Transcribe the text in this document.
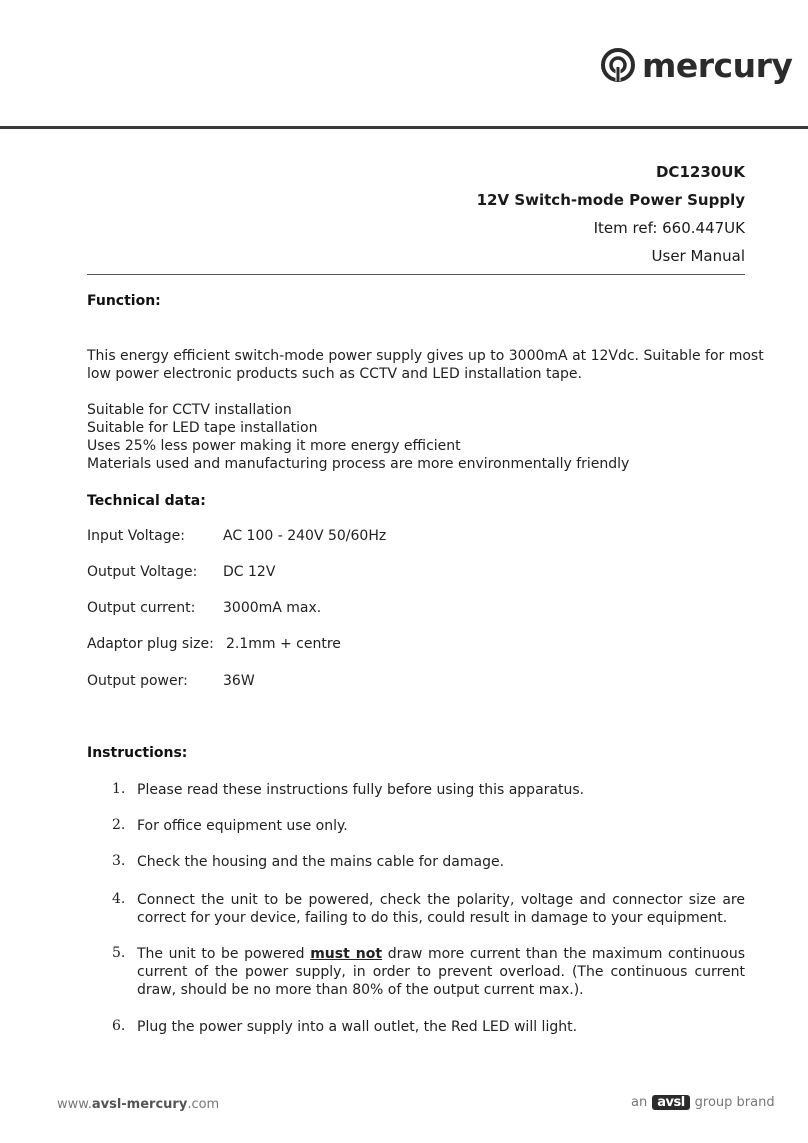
mercury
DC1230UK
12V Switch-mode Power Supply
Item ref: 660.447UK
User Manual
Function:
This energy efficient switch-mode power supply gives up to 3000mA at 12Vdc. Suitable for most
low power electronic products such as CCTV and LED installation tape.
Suitable for CCTV installation
Suitable for LED tape installation
Uses 25% less power making it more energy efficient
Materials used and manufacturing process are more environmentally friendly
Technical data:
Input Voltage:	AC 100 - 240V 50/60Hz
Output Voltage: DC 12V
Output current: 3000mA max.
Adaptor plug size: 2.1mm + centre
Output power:	36W
Instructions:
1. Please read these instructions fully before using this apparatus.
2. For office equipment use only.
3. Check the housing and the mains cable for damage.
4. Connect the unit to be powered, check the polarity, voltage and connector size are correct for your device, failing to do this, could result in damage to your equipment.
5. The unit to be powered must not draw more current than the maximum continuous current of the power supply, in order to prevent overload. (The continuous current draw, should be no more than 80% of the output current max.).
6. Plug the power supply into a wall outlet, the Red LED will light.
www.avsl-mercury.com	an avsl group brand
